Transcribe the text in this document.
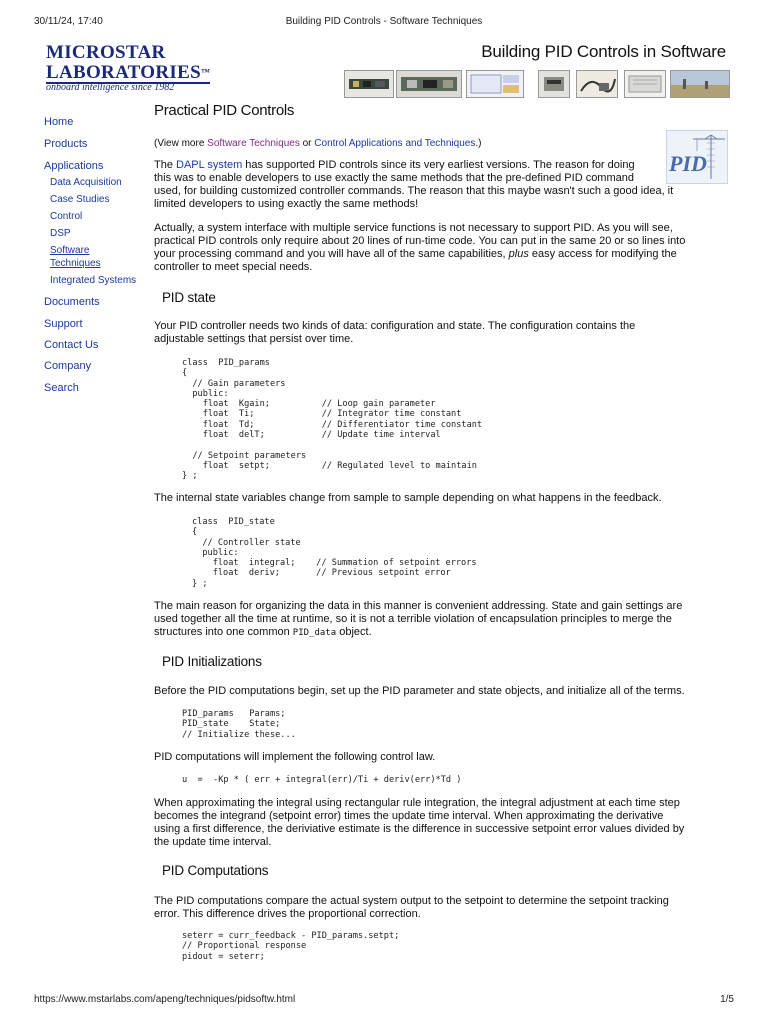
30/11/24, 17:40	Building PID Controls - Software Techniques
MICROSTAR
LABORATORIES™
onboard intelligence since 1982
Building PID Controls in Software
Home
Products
Applications
Data Acquisition
Case Studies
Control
DSP
Software
Techniques
Integrated Systems
Documents
Support
Contact Us
Company
Search
PID
Practical PID Controls
(View more Software Techniques or Control Applications and Techniques.)
The DAPL system has supported PID controls since its very earliest versions. The reason for doing
this was to enable developers to use exactly the same methods that the pre-defined PID command
used, for building customized controller commands. The reason that this maybe wasn't such a good idea, it
limited developers to using exactly the same methods!
Actually, a system interface with multiple service functions is not necessary to support PID. As you will see,
practical PID controls only require about 20 lines of run-time code. You can put in the same 20 or so lines into
your processing command and you will have all of the same capabilities, plus easy access for modifying the
controller to meet special needs.
PID state
Your PID controller needs two kinds of data: configuration and state. The configuration contains the
adjustable settings that persist over time.
class  PID_params
{
// Gain parameters
public:
float  Kgain;          // Loop gain parameter
float  Ti;             // Integrator time constant
float  Td;             // Differentiator time constant
float  delT;           // Update time interval

// Setpoint parameters
float  setpt;          // Regulated level to maintain
} ;
The internal state variables change from sample to sample depending on what happens in the feedback.
class  PID_state
{
// Controller state
public:
float  integral;    // Summation of setpoint errors
float  deriv;       // Previous setpoint error
} ;
The main reason for organizing the data in this manner is convenient addressing. State and gain settings are
used together all the time at runtime, so it is not a terrible violation of encapsulation principles to merge the
structures into one common PID_data object.
PID Initializations
Before the PID computations begin, set up the PID parameter and state objects, and initialize all of the terms.
PID_params   Params;
PID_state    State;
// Initialize these...
PID computations will implement the following control law.
u  =  -Kp * ( err + integral(err)/Ti + deriv(err)*Td )
When approximating the integral using rectangular rule integration, the integral adjustment at each time step
becomes the integrand (setpoint error) times the update time interval. When approximating the derivative
using a first difference, the deriviative estimate is the difference in successive setpoint error values divided by
the update time interval.
PID Computations
The PID computations compare the actual system output to the setpoint to determine the setpoint tracking
error. This difference drives the proportional correction.
seterr = curr_feedback - PID_params.setpt;
// Proportional response
pidout = seterr;
https://www.mstarlabs.com/apeng/techniques/pidsoftw.html	1/5
